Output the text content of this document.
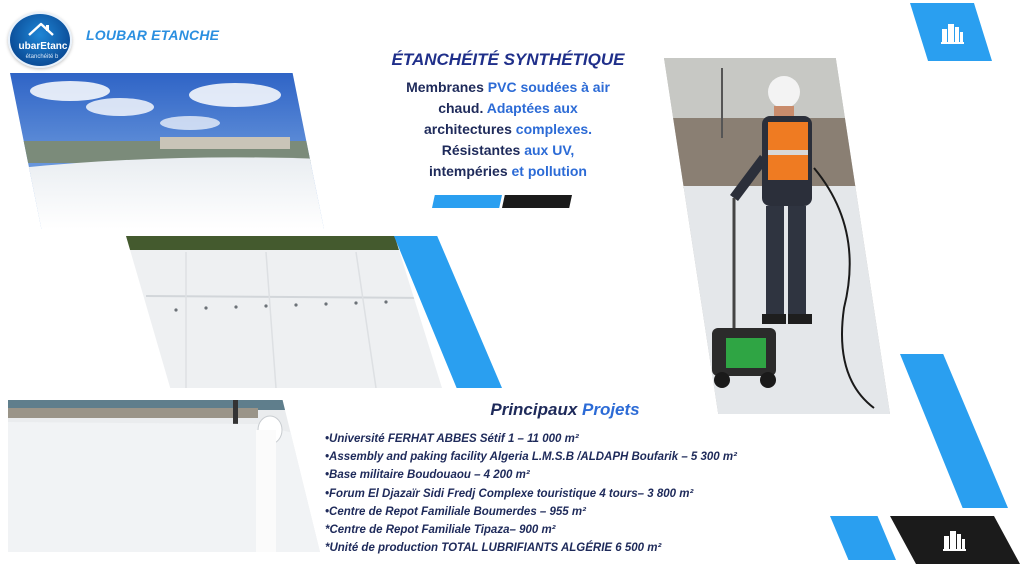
ubarEtanc
étanchéité b
LOUBAR ETANCHE
ÉTANCHÉITÉ SYNTHÉTIQUE
Membranes PVC soudées à air
chaud. Adaptées aux
architectures complexes.
Résistantes aux UV,
intempéries et pollution
Principaux Projets
•Université FERHAT ABBES Sétif 1 – 11 000 m²
•Assembly and paking facility Algeria L.M.S.B /ALDAPH Boufarik – 5 300 m²
•Base militaire Boudouaou – 4 200 m²
•Forum El Djazaïr Sidi Fredj Complexe touristique 4 tours– 3 800 m²
•Centre de Repot Familiale Boumerdes – 955 m²
*Centre de Repot Familiale Tipaza– 900 m²
*Unité de production TOTAL LUBRIFIANTS ALGÉRIE 6 500 m²
